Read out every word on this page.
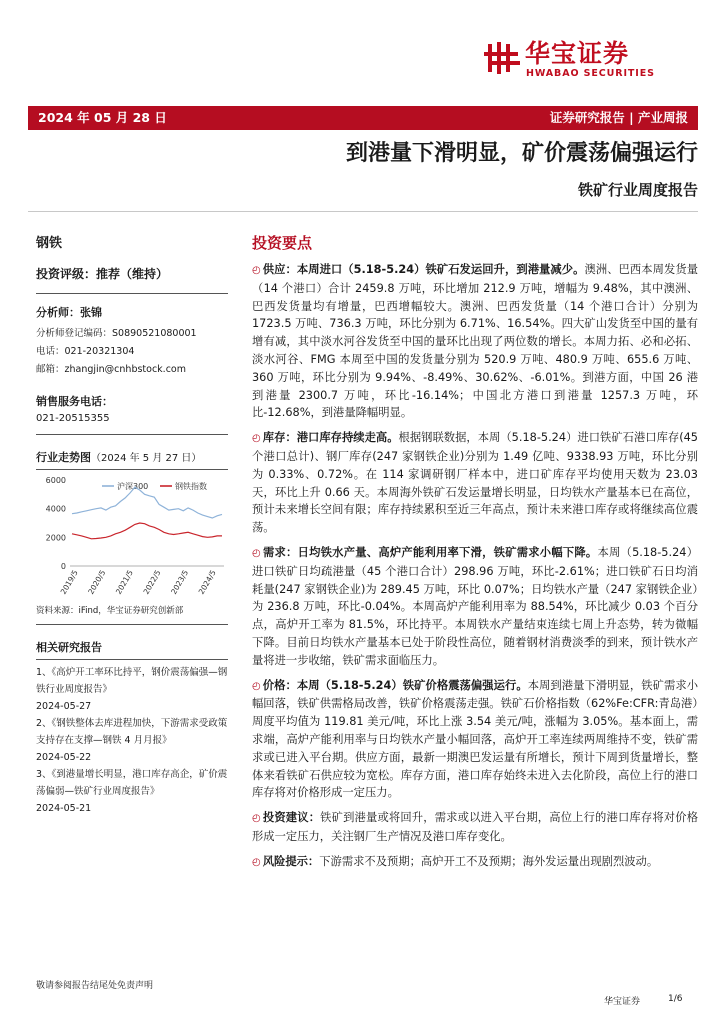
华宝证券
HWABAO SECURITIES
2024 年 05 月 28 日	证券研究报告 | 产业周报
到港量下滑明显，矿价震荡偏强运行
铁矿行业周度报告
钢铁
投资评级：推荐（维持）
分析师：张锦
分析师登记编码：S0890521080001
电话：021-20321304
邮箱：zhangjin@cnhbstock.com
销售服务电话：
021-20515355
行业走势图（2024 年 5 月 27 日）
0
2000
4000
6000
2019/5 2020/5 2021/5 2022/5 2023/5 2024/5
沪深300	钢铁指数
资料来源：iFind，华宝证券研究创新部
相关研究报告
1、《高炉开工率环比持平，钢价震荡偏强—钢铁行业周度报告》
2024-05-27
2、《钢铁整体去库进程加快，下游需求受政策支持存在支撑—钢铁 4 月月报》
2024-05-22
3、《到港量增长明显，港口库存高企，矿价震荡偏弱—铁矿行业周度报告》
2024-05-21
投资要点
◴ 供应：本周进口（5.18-5.24）铁矿石发运回升，到港量减少。澳洲、巴西本周发货量（14 个港口）合计 2459.8 万吨，环比增加 212.9 万吨，增幅为 9.48%，其中澳洲、巴西发货量均有增量，巴西增幅较大。澳洲、巴西发货量（14 个港口合计）分别为 1723.5 万吨、736.3 万吨，环比分别为 6.71%、16.54%。四大矿山发货至中国的量有增有减，其中淡水河谷发货至中国的量环比出现了两位数的增长。本周力拓、必和必拓、淡水河谷、FMG 本周至中国的发货量分别为 520.9 万吨、480.9 万吨、655.6 万吨、360 万吨，环比分别为 9.94%、-8.49%、30.62%、-6.01%。到港方面，中国 26 港到港量 2300.7 万吨，环比-16.14%；中国北方港口到港量 1257.3 万吨，环比-12.68%，到港量降幅明显。
◴ 库存：港口库存持续走高。根据钢联数据，本周（5.18-5.24）进口铁矿石港口库存(45 个港口总计)、钢厂库存(247 家钢铁企业)分别为 1.49 亿吨、9338.93 万吨，环比分别为 0.33%、0.72%。在 114 家调研钢厂样本中，进口矿库存平均使用天数为 23.03 天，环比上升 0.66 天。本周海外铁矿石发运量增长明显，日均铁水产量基本已在高位，预计未来增长空间有限；库存持续累积至近三年高点，预计未来港口库存或将继续高位震荡。
◴ 需求：日均铁水产量、高炉产能利用率下滑，铁矿需求小幅下降。本周（5.18-5.24）进口铁矿日均疏港量（45 个港口合计）298.96 万吨，环比-2.61%；进口铁矿石日均消耗量(247 家钢铁企业)为 289.45 万吨，环比 0.07%；日均铁水产量（247 家钢铁企业）为 236.8 万吨，环比-0.04%。本周高炉产能利用率为 88.54%，环比减少 0.03 个百分点，高炉开工率为 81.5%，环比持平。本周铁水产量结束连续七周上升态势，转为微幅下降。目前日均铁水产量基本已处于阶段性高位，随着钢材消费淡季的到来，预计铁水产量将进一步收缩，铁矿需求面临压力。
◴ 价格：本周（5.18-5.24）铁矿价格震荡偏强运行。本周到港量下滑明显，铁矿需求小幅回落，铁矿供需格局改善，铁矿价格震荡走强。铁矿石价格指数（62%Fe:CFR:青岛港）周度平均值为 119.81 美元/吨，环比上涨 3.54 美元/吨，涨幅为 3.05%。基本面上，需求端，高炉产能利用率与日均铁水产量小幅回落，高炉开工率连续两周维持不变，铁矿需求或已进入平台期。供应方面，最新一期澳巴发运量有所增长，预计下周到货量增长，整体来看铁矿石供应较为宽松。库存方面，港口库存始终未进入去化阶段，高位上行的港口库存将对价格形成一定压力。
◴ 投资建议：铁矿到港量或将回升，需求或以进入平台期，高位上行的港口库存将对价格形成一定压力，关注钢厂生产情况及港口库存变化。
◴ 风险提示：下游需求不及预期；高炉开工不及预期；海外发运量出现剧烈波动。
敬请参阅报告结尾处免责声明
华宝证券	1/6
